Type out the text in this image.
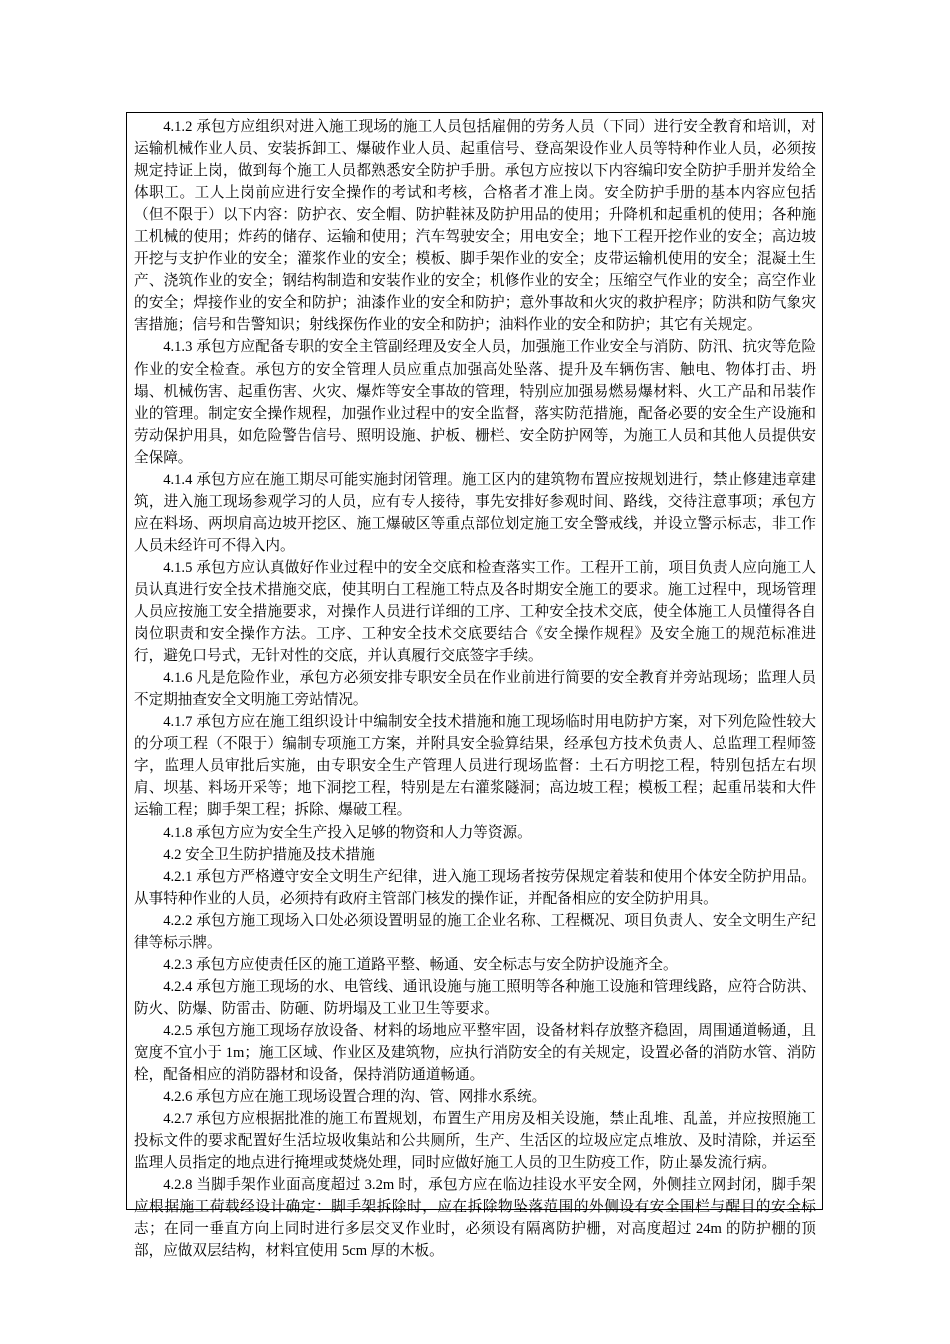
4.1.2 承包方应组织对进入施工现场的施工人员包括雇佣的劳务人员（下同）进行安全教育和培训，对运输机械作业人员、安装拆卸工、爆破作业人员、起重信号、登高架设作业人员等特种作业人员，必须按规定持证上岗，做到每个施工人员都熟悉安全防护手册。承包方应按以下内容编印安全防护手册并发给全体职工。工人上岗前应进行安全操作的考试和考核，合格者才准上岗。安全防护手册的基本内容应包括（但不限于）以下内容：防护衣、安全帽、防护鞋袜及防护用品的使用；升降机和起重机的使用；各种施工机械的使用；炸药的储存、运输和使用；汽车驾驶安全；用电安全；地下工程开挖作业的安全；高边坡开挖与支护作业的安全；灌浆作业的安全；模板、脚手架作业的安全；皮带运输机使用的安全；混凝土生产、浇筑作业的安全；钢结构制造和安装作业的安全；机修作业的安全；压缩空气作业的安全；高空作业的安全；焊接作业的安全和防护；油漆作业的安全和防护；意外事故和火灾的救护程序；防洪和防气象灾害措施；信号和告警知识；射线探伤作业的安全和防护；油料作业的安全和防护；其它有关规定。

4.1.3 承包方应配备专职的安全主管副经理及安全人员，加强施工作业安全与消防、防汛、抗灾等危险作业的安全检查。承包方的安全管理人员应重点加强高处坠落、提升及车辆伤害、触电、物体打击、坍塌、机械伤害、起重伤害、火灾、爆炸等安全事故的管理，特别应加强易燃易爆材料、火工产品和吊装作业的管理。制定安全操作规程，加强作业过程中的安全监督，落实防范措施，配备必要的安全生产设施和劳动保护用具，如危险警告信号、照明设施、护板、栅栏、安全防护网等，为施工人员和其他人员提供安全保障。

4.1.4 承包方应在施工期尽可能实施封闭管理。施工区内的建筑物布置应按规划进行，禁止修建违章建筑，进入施工现场参观学习的人员，应有专人接待，事先安排好参观时间、路线，交待注意事项；承包方应在料场、两坝肩高边坡开挖区、施工爆破区等重点部位划定施工安全警戒线，并设立警示标志，非工作人员未经许可不得入内。

4.1.5 承包方应认真做好作业过程中的安全交底和检查落实工作。工程开工前，项目负责人应向施工人员认真进行安全技术措施交底，使其明白工程施工特点及各时期安全施工的要求。施工过程中，现场管理人员应按施工安全措施要求，对操作人员进行详细的工序、工种安全技术交底，使全体施工人员懂得各自岗位职责和安全操作方法。工序、工种安全技术交底要结合《安全操作规程》及安全施工的规范标准进行，避免口号式，无针对性的交底，并认真履行交底签字手续。

4.1.6 凡是危险作业，承包方必须安排专职安全员在作业前进行简要的安全教育并旁站现场；监理人员不定期抽查安全文明施工旁站情况。

4.1.7 承包方应在施工组织设计中编制安全技术措施和施工现场临时用电防护方案，对下列危险性较大的分项工程（不限于）编制专项施工方案，并附具安全验算结果，经承包方技术负责人、总监理工程师签字，监理人员审批后实施，由专职安全生产管理人员进行现场监督：土石方明挖工程，特别包括左右坝肩、坝基、料场开采等；地下洞挖工程，特别是左右灌浆隧洞；高边坡工程；模板工程；起重吊装和大件运输工程；脚手架工程；拆除、爆破工程。

4.1.8 承包方应为安全生产投入足够的物资和人力等资源。

4.2 安全卫生防护措施及技术措施

4.2.1 承包方严格遵守安全文明生产纪律，进入施工现场者按劳保规定着装和使用个体安全防护用品。从事特种作业的人员，必须持有政府主管部门核发的操作证，并配备相应的安全防护用具。

4.2.2 承包方施工现场入口处必须设置明显的施工企业名称、工程概况、项目负责人、安全文明生产纪律等标示牌。

4.2.3 承包方应使责任区的施工道路平整、畅通、安全标志与安全防护设施齐全。

4.2.4 承包方施工现场的水、电管线、通讯设施与施工照明等各种施工设施和管理线路，应符合防洪、防火、防爆、防雷击、防砸、防坍塌及工业卫生等要求。

4.2.5 承包方施工现场存放设备、材料的场地应平整牢固，设备材料存放整齐稳固，周围通道畅通，且宽度不宜小于 1m；施工区域、作业区及建筑物，应执行消防安全的有关规定，设置必备的消防水管、消防栓，配备相应的消防器材和设备，保持消防通道畅通。

4.2.6 承包方应在施工现场设置合理的沟、管、网排水系统。

4.2.7 承包方应根据批准的施工布置规划，布置生产用房及相关设施，禁止乱堆、乱盖，并应按照施工投标文件的要求配置好生活垃圾收集站和公共厕所，生产、生活区的垃圾应定点堆放、及时清除，并运至监理人员指定的地点进行掩埋或焚烧处理，同时应做好施工人员的卫生防疫工作，防止暴发流行病。

4.2.8 当脚手架作业面高度超过 3.2m 时，承包方应在临边挂设水平安全网，外侧挂立网封闭，脚手架应根据施工荷载经设计确定：脚手架拆除时，应在拆除物坠落范围的外侧设有安全围栏与醒目的安全标志；在同一垂直方向上同时进行多层交叉作业时，必须设有隔离防护栅，对高度超过 24m 的防护棚的顶部，应做双层结构，材料宜使用 5cm 厚的木板。
